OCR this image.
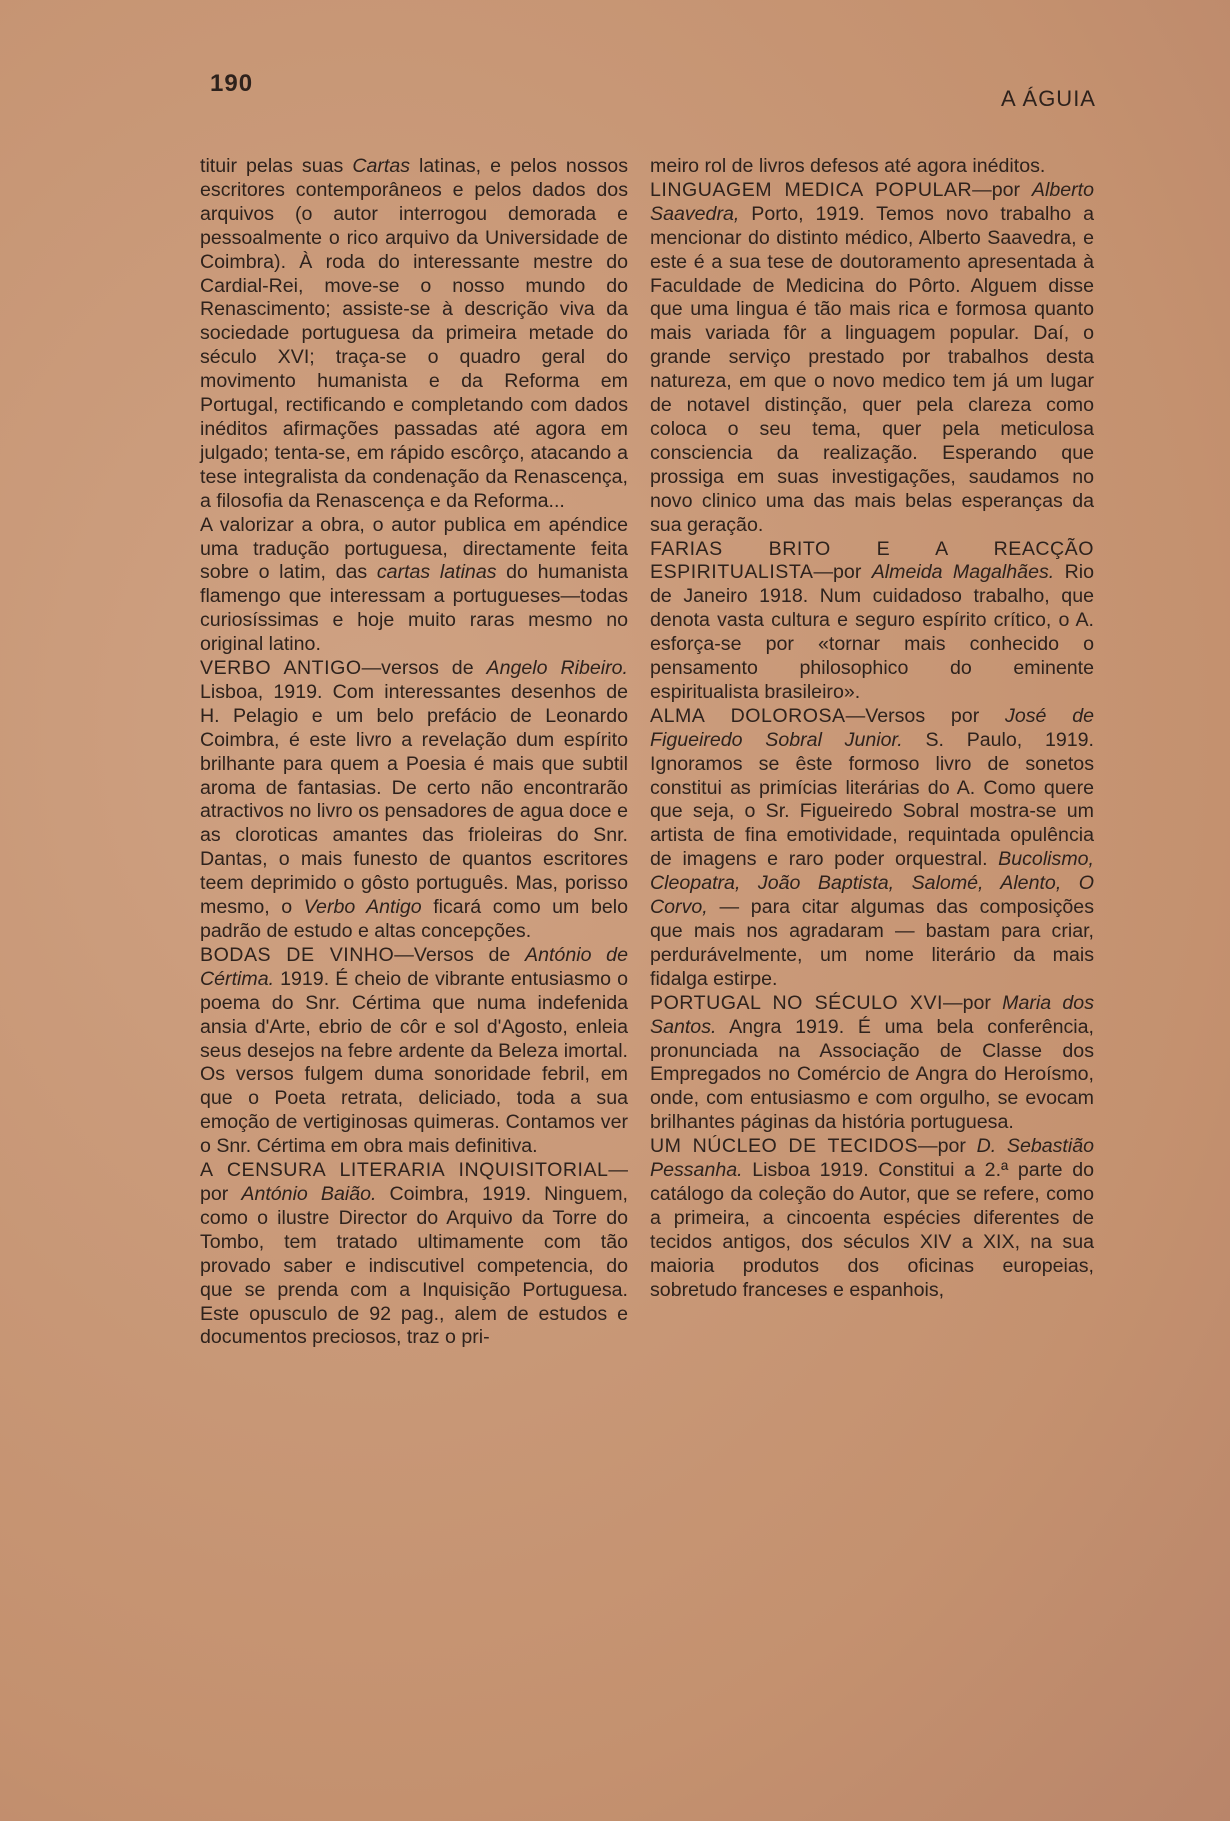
190
A ÁGUIA

tituir pelas suas Cartas latinas, e pelos nossos escritores contemporâneos e pelos dados dos arquivos (o autor interrogou demorada e pessoalmente o rico arquivo da Universidade de Coimbra). À roda do interessante mestre do Cardial-Rei, move-se o nosso mundo do Renascimento; assiste-se à descrição viva da sociedade portuguesa da primeira metade do século XVI; traça-se o quadro geral do movimento humanista e da Reforma em Portugal, rectificando e completando com dados inéditos afirmações passadas até agora em julgado; tenta-se, em rápido escôrço, atacando a tese integralista da condenação da Renascença, a filosofia da Renascença e da Reforma...

A valorizar a obra, o autor publica em apéndice uma tradução portuguesa, directamente feita sobre o latim, das cartas latinas do humanista flamengo que interessam a portugueses—todas curiosíssimas e hoje muito raras mesmo no original latino.

VERBO ANTIGO—versos de Angelo Ribeiro. Lisboa, 1919. Com interessantes desenhos de H. Pelagio e um belo prefácio de Leonardo Coimbra, é este livro a revelação dum espírito brilhante para quem a Poesia é mais que subtil aroma de fantasias. De certo não encontrarão atractivos no livro os pensadores de agua doce e as cloroticas amantes das frioleiras do Snr. Dantas, o mais funesto de quantos escritores teem deprimido o gôsto português. Mas, porisso mesmo, o Verbo Antigo ficará como um belo padrão de estudo e altas concepções.

BODAS DE VINHO—Versos de António de Cértima. 1919. É cheio de vibrante entusiasmo o poema do Snr. Cértima que numa indefenida ansia d'Arte, ebrio de côr e sol d'Agosto, enleia seus desejos na febre ardente da Beleza imortal. Os versos fulgem duma sonoridade febril, em que o Poeta retrata, deliciado, toda a sua emoção de vertiginosas quimeras. Contamos ver o Snr. Cértima em obra mais definitiva.

A CENSURA LITERARIA INQUISITORIAL—por António Baião. Coimbra, 1919. Ninguem, como o ilustre Director do Arquivo da Torre do Tombo, tem tratado ultimamente com tão provado saber e indiscutivel competencia, do que se prenda com a Inquisição Portuguesa. Este opusculo de 92 pag., alem de estudos e documentos preciosos, traz o pri-

meiro rol de livros defesos até agora inéditos.

LINGUAGEM MEDICA POPULAR—por Alberto Saavedra, Porto, 1919. Temos novo trabalho a mencionar do distinto médico, Alberto Saavedra, e este é a sua tese de doutoramento apresentada à Faculdade de Medicina do Pôrto. Alguem disse que uma lingua é tão mais rica e formosa quanto mais variada fôr a linguagem popular. Daí, o grande serviço prestado por trabalhos desta natureza, em que o novo medico tem já um lugar de notavel distinção, quer pela clareza como coloca o seu tema, quer pela meticulosa consciencia da realização. Esperando que prossiga em suas investigações, saudamos no novo clinico uma das mais belas esperanças da sua geração.

FARIAS BRITO E A REACÇÃO ESPIRITUALISTA—por Almeida Magalhães. Rio de Janeiro 1918. Num cuidadoso trabalho, que denota vasta cultura e seguro espírito crítico, o A. esforça-se por «tornar mais conhecido o pensamento philosophico do eminente espiritualista brasileiro».

ALMA DOLOROSA—Versos por José de Figueiredo Sobral Junior. S. Paulo, 1919. Ignoramos se êste formoso livro de sonetos constitui as primícias literárias do A. Como quere que seja, o Sr. Figueiredo Sobral mostra-se um artista de fina emotividade, requintada opulência de imagens e raro poder orquestral. Bucolismo, Cleopatra, João Baptista, Salomé, Alento, O Corvo, — para citar algumas das composições que mais nos agradaram — bastam para criar, perdurávelmente, um nome literário da mais fidalga estirpe.

PORTUGAL NO SÉCULO XVI—por Maria dos Santos. Angra 1919. É uma bela conferência, pronunciada na Associação de Classe dos Empregados no Comércio de Angra do Heroísmo, onde, com entusiasmo e com orgulho, se evocam brilhantes páginas da história portuguesa.

UM NÚCLEO DE TECIDOS—por D. Sebastião Pessanha. Lisboa 1919. Constitui a 2.ª parte do catálogo da coleção do Autor, que se refere, como a primeira, a cincoenta espécies diferentes de tecidos antigos, dos séculos XIV a XIX, na sua maioria produtos dos oficinas europeias, sobretudo franceses e espanhois,
